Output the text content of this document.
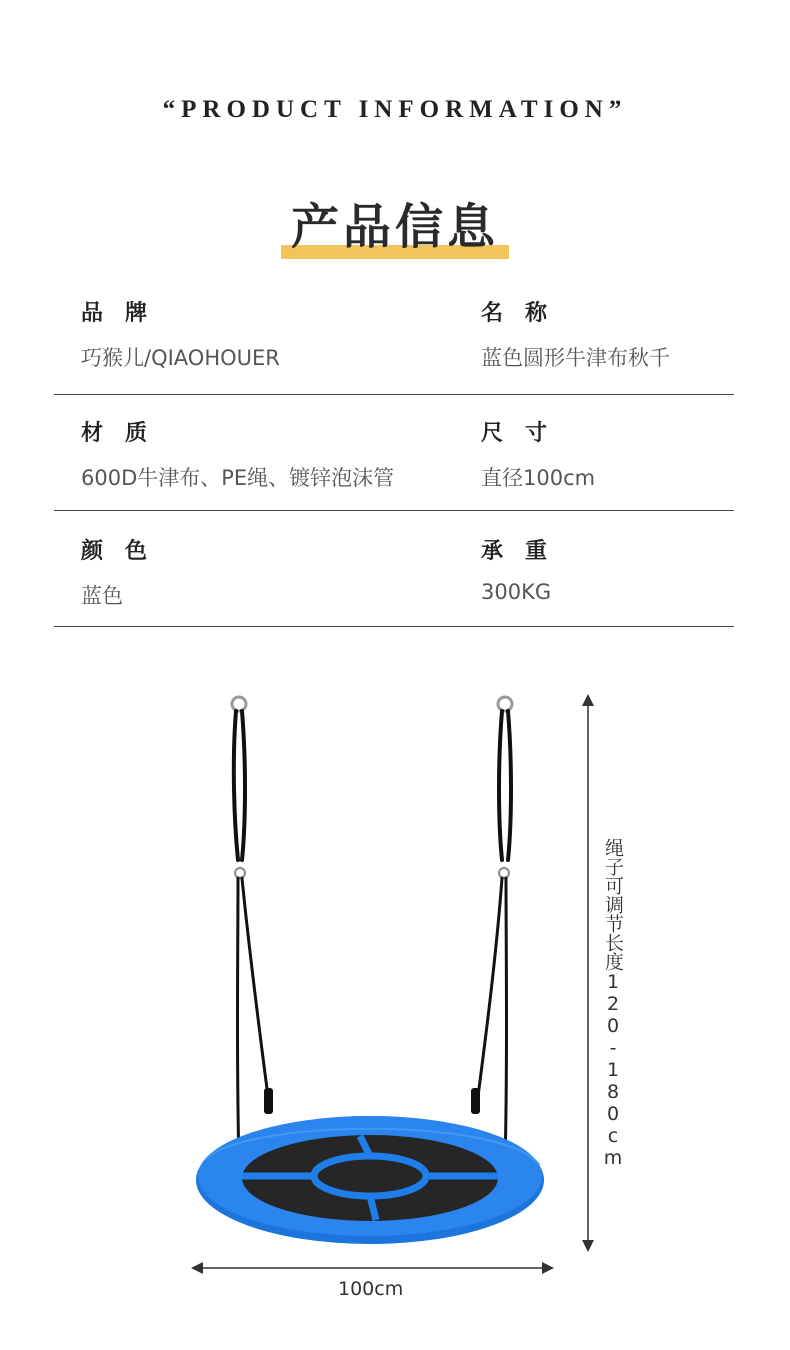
“PRODUCT INFORMATION”
产品信息
品牌
巧猴儿/QIAOHOUER
名称
蓝色圆形牛津布秋千
材质
600D牛津布、PE绳、镀锌泡沫管
尺寸
直径100cm
颜色
蓝色
承重
300KG
100cm
绳子可调节长度120-180cm
